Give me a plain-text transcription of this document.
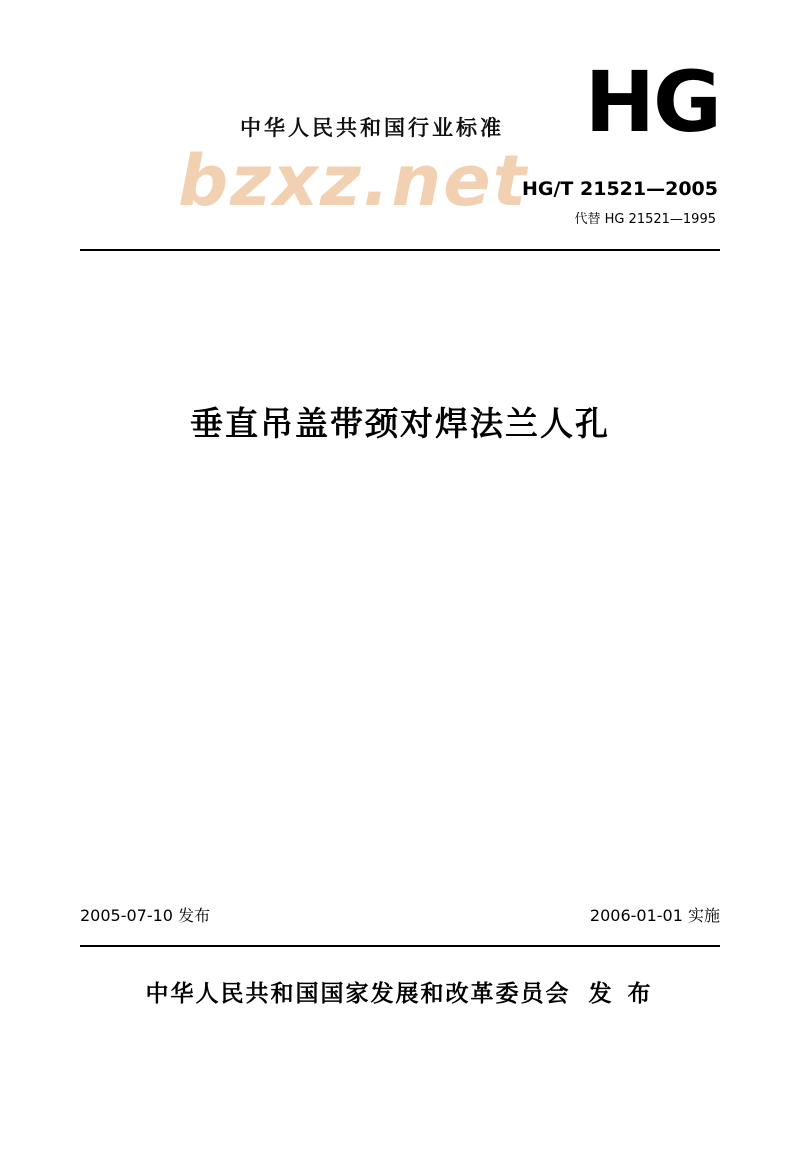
中华人民共和国行业标准 HG
HG/T 21521—2005
代替 HG 21521—1995
bzxz.net
垂直吊盖带颈对焊法兰人孔
2005-07-10 发布	2006-01-01 实施
中华人民共和国国家发展和改革委员会 发 布
